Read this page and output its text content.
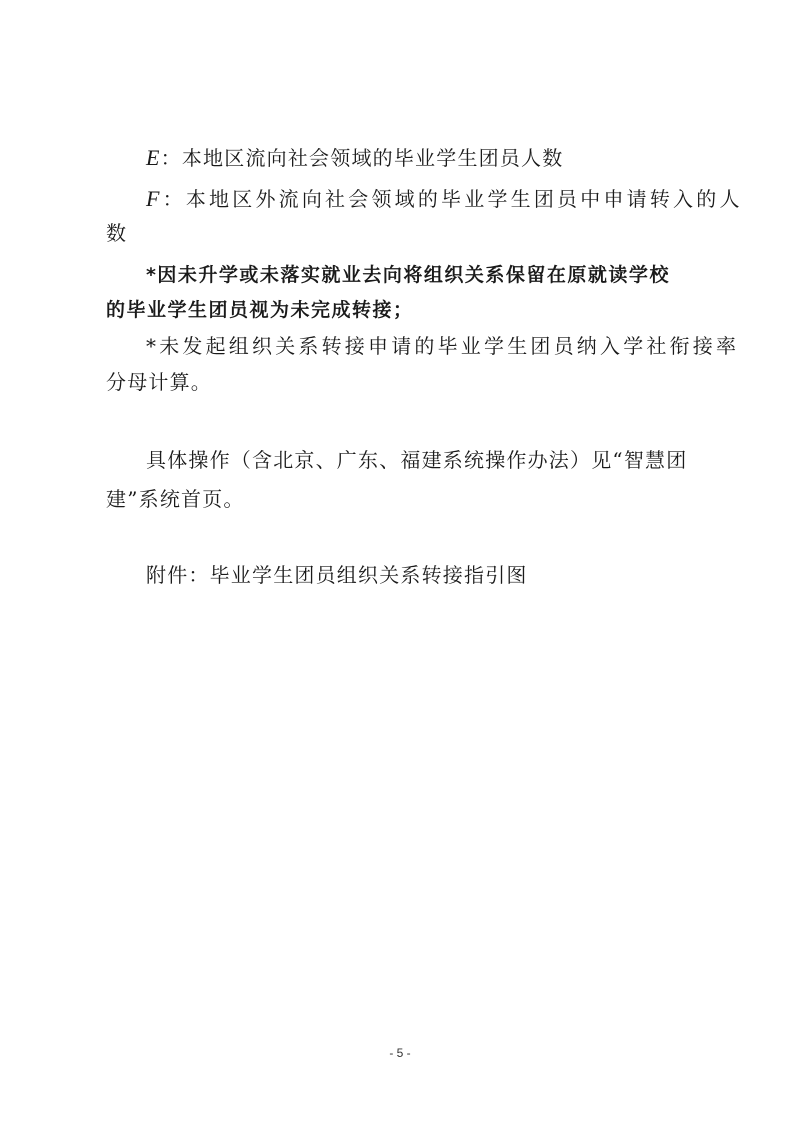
E：本地区流向社会领域的毕业学生团员人数
F：本地区外流向社会领域的毕业学生团员中申请转入的人
数
*因未升学或未落实就业去向将组织关系保留在原就读学校
的毕业学生团员视为未完成转接；
*未发起组织关系转接申请的毕业学生团员纳入学社衔接率
分母计算。
具体操作（含北京、广东、福建系统操作办法）见“智慧团
建”系统首页。
附件：毕业学生团员组织关系转接指引图
- 5 -
